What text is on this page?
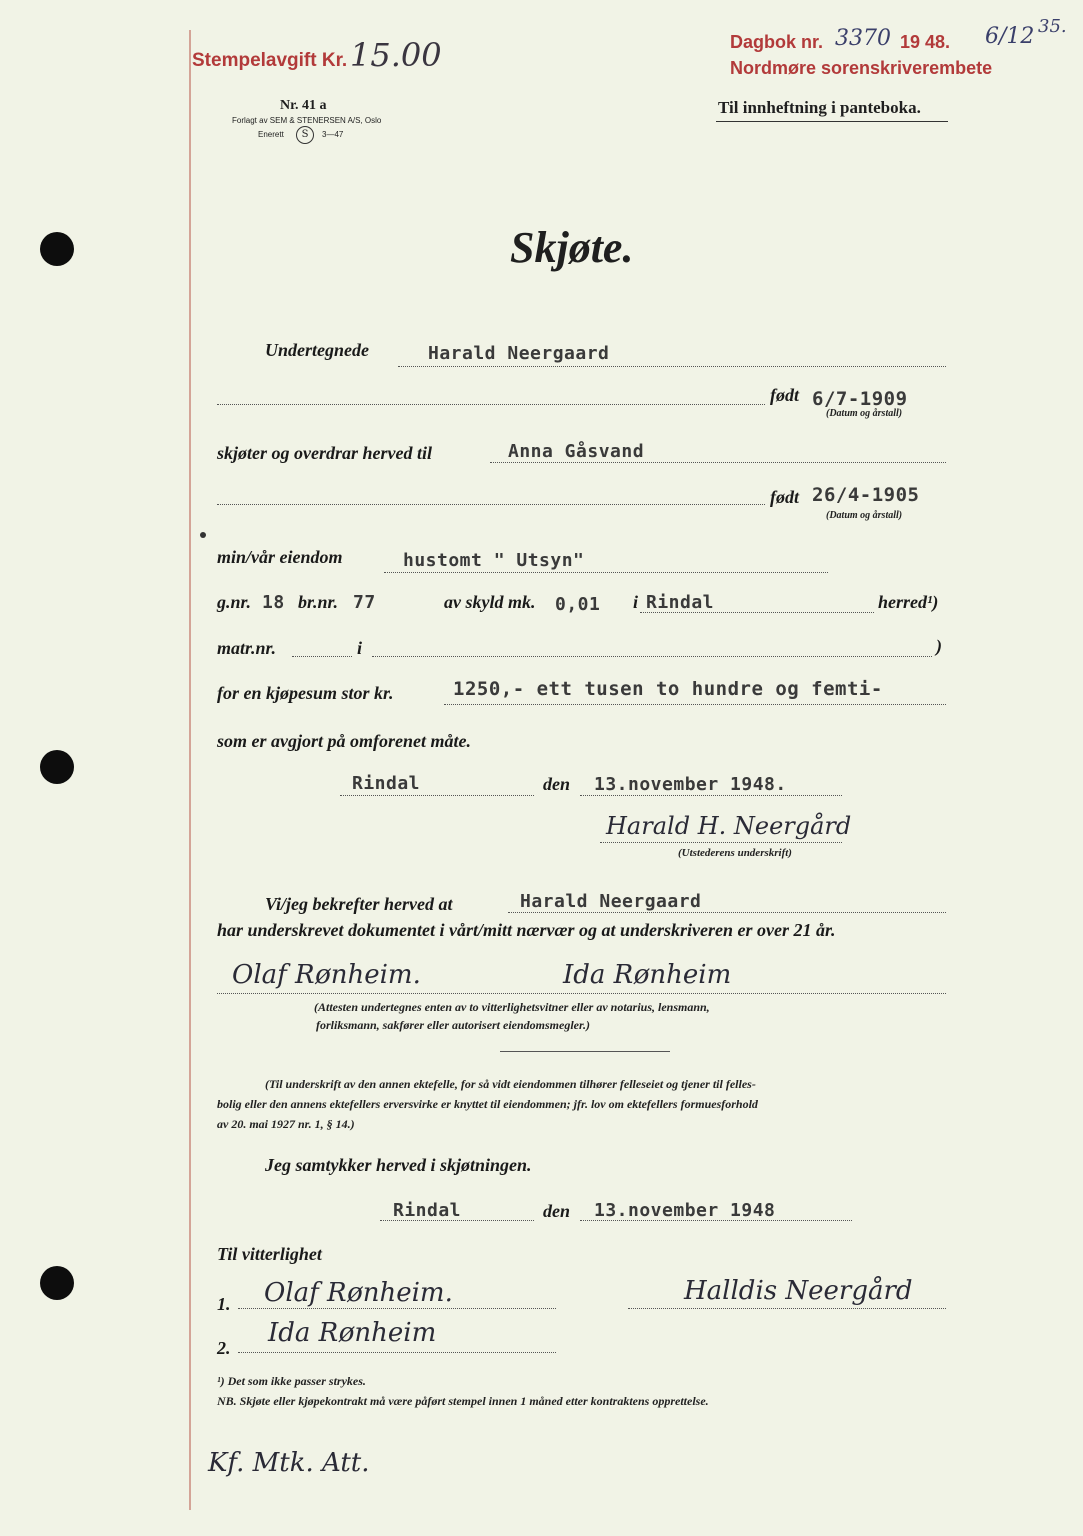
Stempelavgift Kr. 15.00	Dagbok nr. 3370 19 48. 6/12 35.
Nordmøre sorenskriverembete
Nr. 41 a
Forlagt av SEM & STENERSEN A/S, Oslo
Enerett	S	3—47
Til innheftning i panteboka.
Skjøte.
Undertegnede	Harald Neergaard
født 6/7-1909
(Datum og årstall)
skjøter og overdrar herved til	Anna Gåsvand
født 26/4-1905
(Datum og årstall)
min/vår eiendom	hustomt " Utsyn"
g.nr. 18 br.nr. 77	av skyld mk. 0,01 i Rindal	herred¹)
matr.nr.	i	)
for en kjøpesum stor kr.	1250,- ett tusen to hundre og femti-
som er avgjort på omforenet måte.
Rindal	den 13.november 1948.
Harald H. Neergård
(Utstederens underskrift)
Vi/jeg bekrefter herved at	Harald Neergaard
har underskrevet dokumentet i vårt/mitt nærvær og at underskriveren er over 21 år.
Olaf Rønheim.	Ida Rønheim
(Attesten undertegnes enten av to vitterlighetsvitner eller av notarius, lensmann,
forliksmann, sakfører eller autorisert eiendomsmegler.)
(Til underskrift av den annen ektefelle, for så vidt eiendommen tilhører felleseiet og tjener til felles-
bolig eller den annens ektefellers erversvirke er knyttet til eiendommen; jfr. lov om ektefellers formuesforhold
av 20. mai 1927 nr. 1, § 14.)
Jeg samtykker herved i skjøtningen.
Rindal	den 13.november 1948
Til vitterlighet
1. Olaf Rønheim.	Halldis Neergård
2. Ida Rønheim
¹) Det som ikke passer strykes.
NB. Skjøte eller kjøpekontrakt må være påført stempel innen 1 måned etter kontraktens opprettelse.
Kf. Mtk. Att.
